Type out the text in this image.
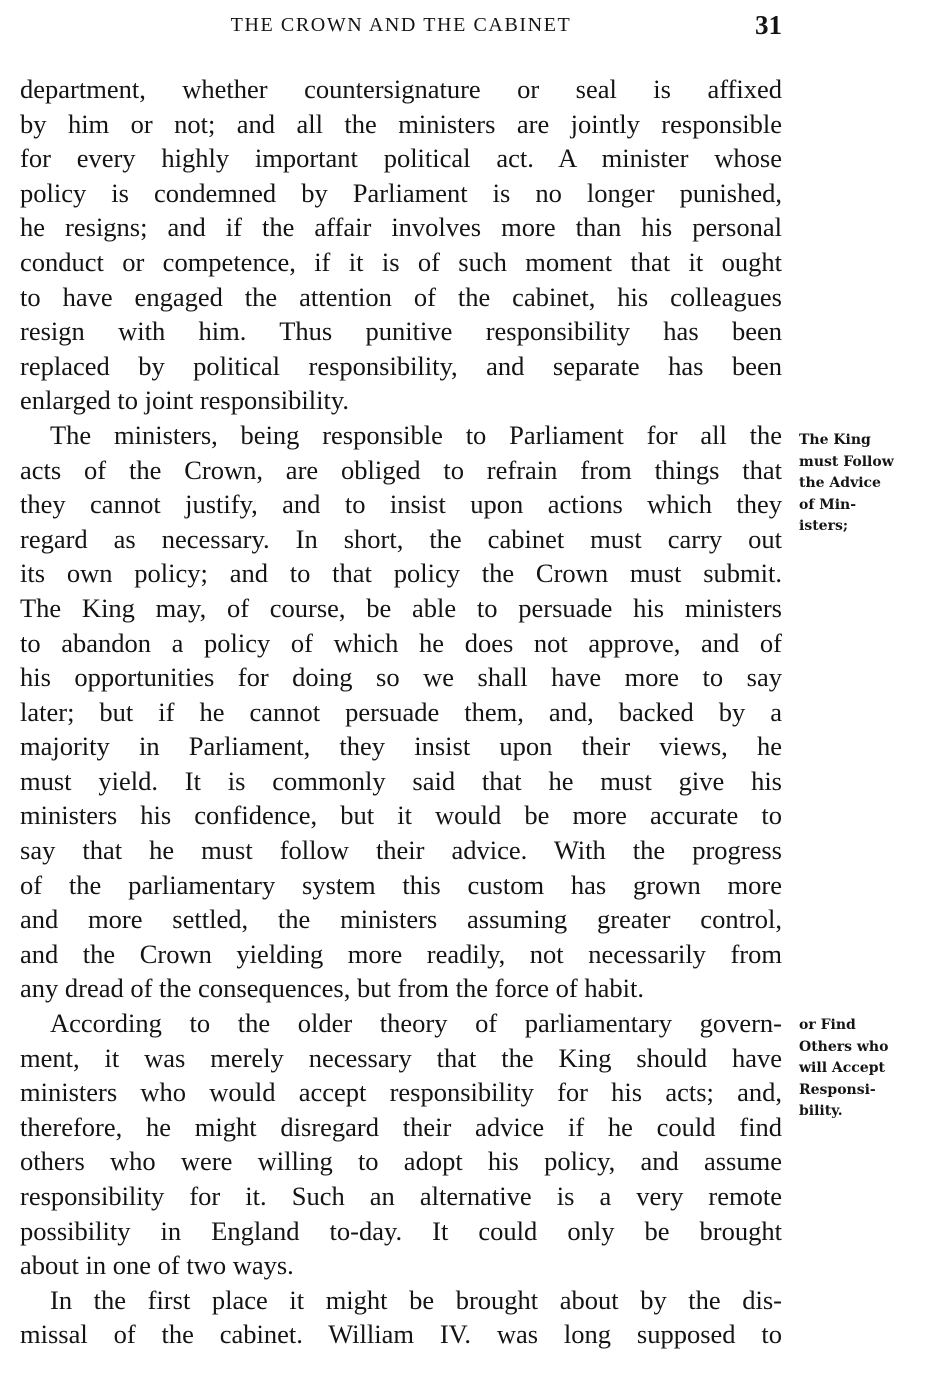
THE CROWN AND THE CABINET	31
department, whether countersignature or seal is affixed
by him or not; and all the ministers are jointly responsible
for every highly important political act. A minister whose
policy is condemned by Parliament is no longer punished,
he resigns; and if the affair involves more than his personal
conduct or competence, if it is of such moment that it ought
to have engaged the attention of the cabinet, his colleagues
resign with him. Thus punitive responsibility has been
replaced by political responsibility, and separate has been
enlarged to joint responsibility.
The ministers, being responsible to Parliament for all the
acts of the Crown, are obliged to refrain from things that
they cannot justify, and to insist upon actions which they
regard as necessary. In short, the cabinet must carry out
its own policy; and to that policy the Crown must submit.
The King may, of course, be able to persuade his ministers
to abandon a policy of which he does not approve, and of
his opportunities for doing so we shall have more to say
later; but if he cannot persuade them, and, backed by a
majority in Parliament, they insist upon their views, he
must yield. It is commonly said that he must give his
ministers his confidence, but it would be more accurate to
say that he must follow their advice. With the progress
of the parliamentary system this custom has grown more
and more settled, the ministers assuming greater control,
and the Crown yielding more readily, not necessarily from
any dread of the consequences, but from the force of habit.
According to the older theory of parliamentary govern-
ment, it was merely necessary that the King should have
ministers who would accept responsibility for his acts; and,
therefore, he might disregard their advice if he could find
others who were willing to adopt his policy, and assume
responsibility for it. Such an alternative is a very remote
possibility in England to-day. It could only be brought
about in one of two ways.
In the first place it might be brought about by the dis-
missal of the cabinet. William IV. was long supposed to
The King
must Follow
the Advice
of Min-
isters;
or Find
Others who
will Accept
Responsi-
bility.
